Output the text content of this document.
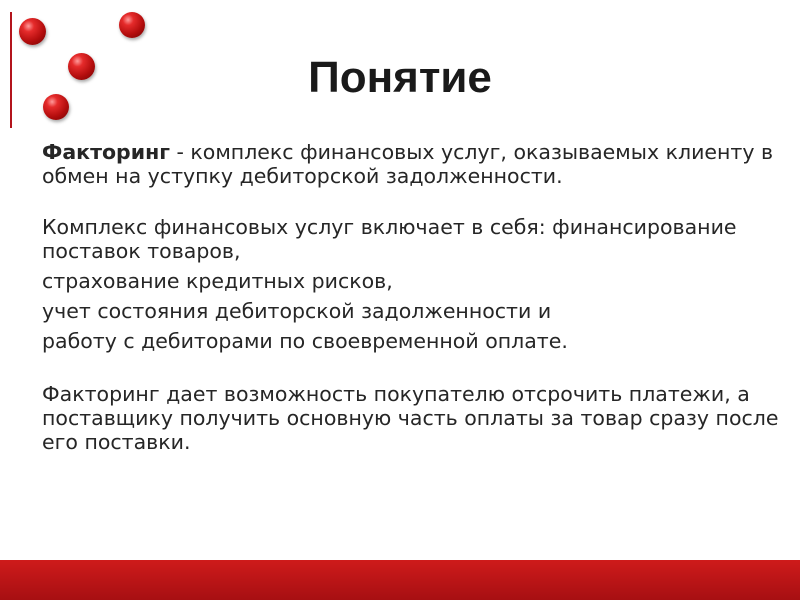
Понятие

Факторинг - комплекс финансовых услуг, оказываемых клиенту в обмен на уступку дебиторской задолженности.

Комплекс финансовых услуг включает в себя: финансирование поставок товаров,

страхование кредитных рисков,

учет состояния дебиторской задолженности и

работу с дебиторами по своевременной оплате.

Факторинг дает возможность покупателю отсрочить платежи, а поставщику получить основную часть оплаты за товар сразу после его поставки.
